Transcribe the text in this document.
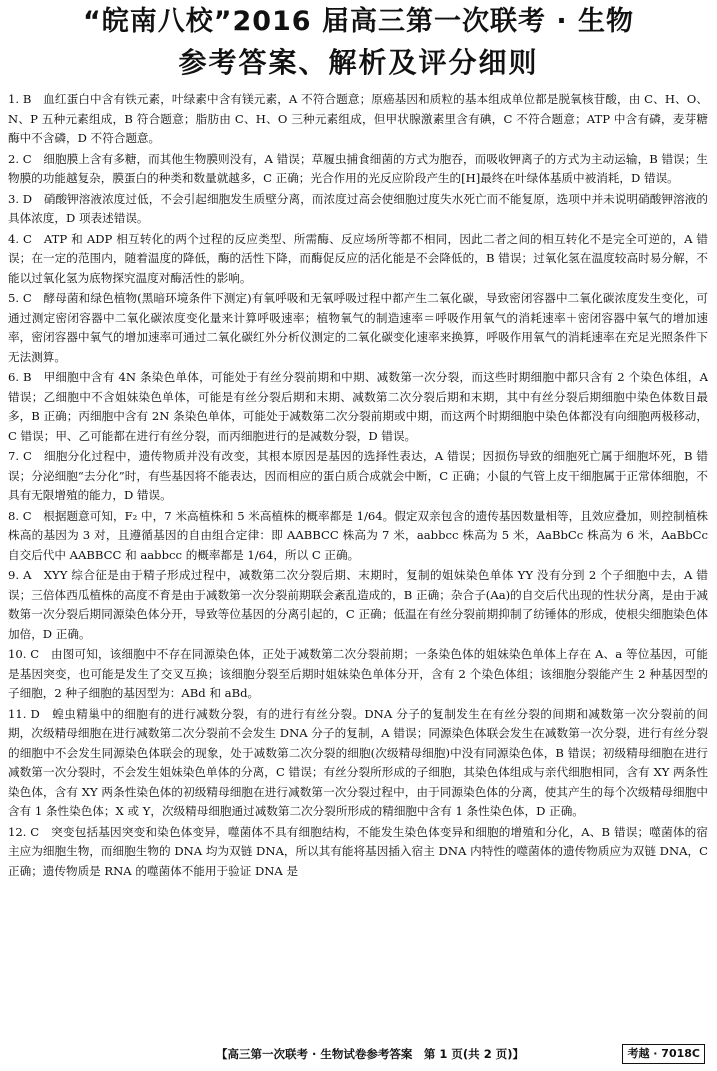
“皖南八校”2016 届高三第一次联考 · 生物
参考答案、解析及评分细则

1. B　血红蛋白中含有铁元素，叶绿素中含有镁元素，A 不符合题意；原癌基因和质粒的基本组成单位都是脱氧核苷酸，由 C、H、O、N、P 五种元素组成，B 符合题意；脂肪由 C、H、O 三种元素组成，但甲状腺激素里含有碘，C 不符合题意；ATP 中含有磷，麦芽糖酶中不含磷，D 不符合题意。

2. C　细胞膜上含有多糖，而其他生物膜则没有，A 错误；草履虫捕食细菌的方式为胞吞，而吸收钾离子的方式为主动运输，B 错误；生物膜的功能越复杂，膜蛋白的种类和数量就越多，C 正确；光合作用的光反应阶段产生的[H]最终在叶绿体基质中被消耗，D 错误。

3. D　硝酸钾溶液浓度过低，不会引起细胞发生质壁分离，而浓度过高会使细胞过度失水死亡而不能复原，选项中并未说明硝酸钾溶液的具体浓度，D 项表述错误。

4. C　ATP 和 ADP 相互转化的两个过程的反应类型、所需酶、反应场所等都不相同，因此二者之间的相互转化不是完全可逆的，A 错误；在一定的范围内，随着温度的降低，酶的活性下降，而酶促反应的活化能是不会降低的，B 错误；过氧化氢在温度较高时易分解，不能以过氧化氢为底物探究温度对酶活性的影响。

5. C　酵母菌和绿色植物(黑暗环境条件下测定)有氧呼吸和无氧呼吸过程中都产生二氧化碳，导致密闭容器中二氧化碳浓度发生变化，可通过测定密闭容器中二氧化碳浓度变化量来计算呼吸速率；植物氧气的制造速率＝呼吸作用氧气的消耗速率＋密闭容器中氧气的增加速率，密闭容器中氧气的增加速率可通过二氧化碳红外分析仪测定的二氧化碳变化速率来换算，呼吸作用氧气的消耗速率在充足光照条件下无法测算。

6. B　甲细胞中含有 4N 条染色单体，可能处于有丝分裂前期和中期、减数第一次分裂，而这些时期细胞中都只含有 2 个染色体组，A 错误；乙细胞中不含姐妹染色单体，可能是有丝分裂后期和末期、减数第二次分裂后期和末期，其中有丝分裂后期细胞中染色体数目最多，B 正确；丙细胞中含有 2N 条染色单体，可能处于减数第二次分裂前期或中期，而这两个时期细胞中染色体都没有向细胞两极移动，C 错误；甲、乙可能都在进行有丝分裂，而丙细胞进行的是减数分裂，D 错误。

7. C　细胞分化过程中，遗传物质并没有改变，其根本原因是基因的选择性表达，A 错误；因损伤导致的细胞死亡属于细胞坏死，B 错误；分泌细胞“去分化”时，有些基因将不能表达，因而相应的蛋白质合成就会中断，C 正确；小鼠的气管上皮干细胞属于正常体细胞，不具有无限增殖的能力，D 错误。

8. C　根据题意可知，F₂ 中，7 米高植株和 5 米高植株的概率都是 1/64。假定双亲包含的遗传基因数量相等，且效应叠加，则控制植株株高的基因为 3 对，且遵循基因的自由组合定律：即 AABBCC 株高为 7 米，aabbcc 株高为 5 米，AaBbCc 株高为 6 米，AaBbCc 自交后代中 AABBCC 和 aabbcc 的概率都是 1/64，所以 C 正确。

9. A　XYY 综合征是由于精子形成过程中，减数第二次分裂后期、末期时，复制的姐妹染色单体 YY 没有分到 2 个子细胞中去，A 错误；三倍体西瓜植株的高度不育是由于减数第一次分裂前期联会紊乱造成的，B 正确；杂合子(Aa)的自交后代出现的性状分离，是由于减数第一次分裂后期同源染色体分开，导致等位基因的分离引起的，C 正确；低温在有丝分裂前期抑制了纺锤体的形成，使根尖细胞染色体加倍，D 正确。

10. C　由图可知，该细胞中不存在同源染色体，正处于减数第二次分裂前期；一条染色体的姐妹染色单体上存在 A、a 等位基因，可能是基因突变，也可能是发生了交叉互换；该细胞分裂至后期时姐妹染色单体分开，含有 2 个染色体组；该细胞分裂能产生 2 种基因型的子细胞，2 种子细胞的基因型为：ABd 和 aBd。

11. D　蝗虫精巢中的细胞有的进行减数分裂，有的进行有丝分裂。DNA 分子的复制发生在有丝分裂的间期和减数第一次分裂前的间期，次级精母细胞在进行减数第二次分裂前不会发生 DNA 分子的复制，A 错误；同源染色体联会发生在减数第一次分裂，进行有丝分裂的细胞中不会发生同源染色体联会的现象，处于减数第二次分裂的细胞(次级精母细胞)中没有同源染色体，B 错误；初级精母细胞在进行减数第一次分裂时，不会发生姐妹染色单体的分离，C 错误；有丝分裂所形成的子细胞，其染色体组成与亲代细胞相同，含有 XY 两条性染色体，含有 XY 两条性染色体的初级精母细胞在进行减数第一次分裂过程中，由于同源染色体的分离，使其产生的每个次级精母细胞中含有 1 条性染色体；X 或 Y，次级精母细胞通过减数第二次分裂所形成的精细胞中含有 1 条性染色体，D 正确。

12. C　突变包括基因突变和染色体变异，噬菌体不具有细胞结构，不能发生染色体变异和细胞的增殖和分化，A、B 错误；噬菌体的宿主应为细胞生物，而细胞生物的 DNA 均为双链 DNA，所以其有能将基因插入宿主 DNA 内特性的噬菌体的遗传物质应为双链 DNA，C 正确；遗传物质是 RNA 的噬菌体不能用于验证 DNA 是

【高三第一次联考 · 生物试卷参考答案　第 1 页(共 2 页)】	考越 · 7018C
